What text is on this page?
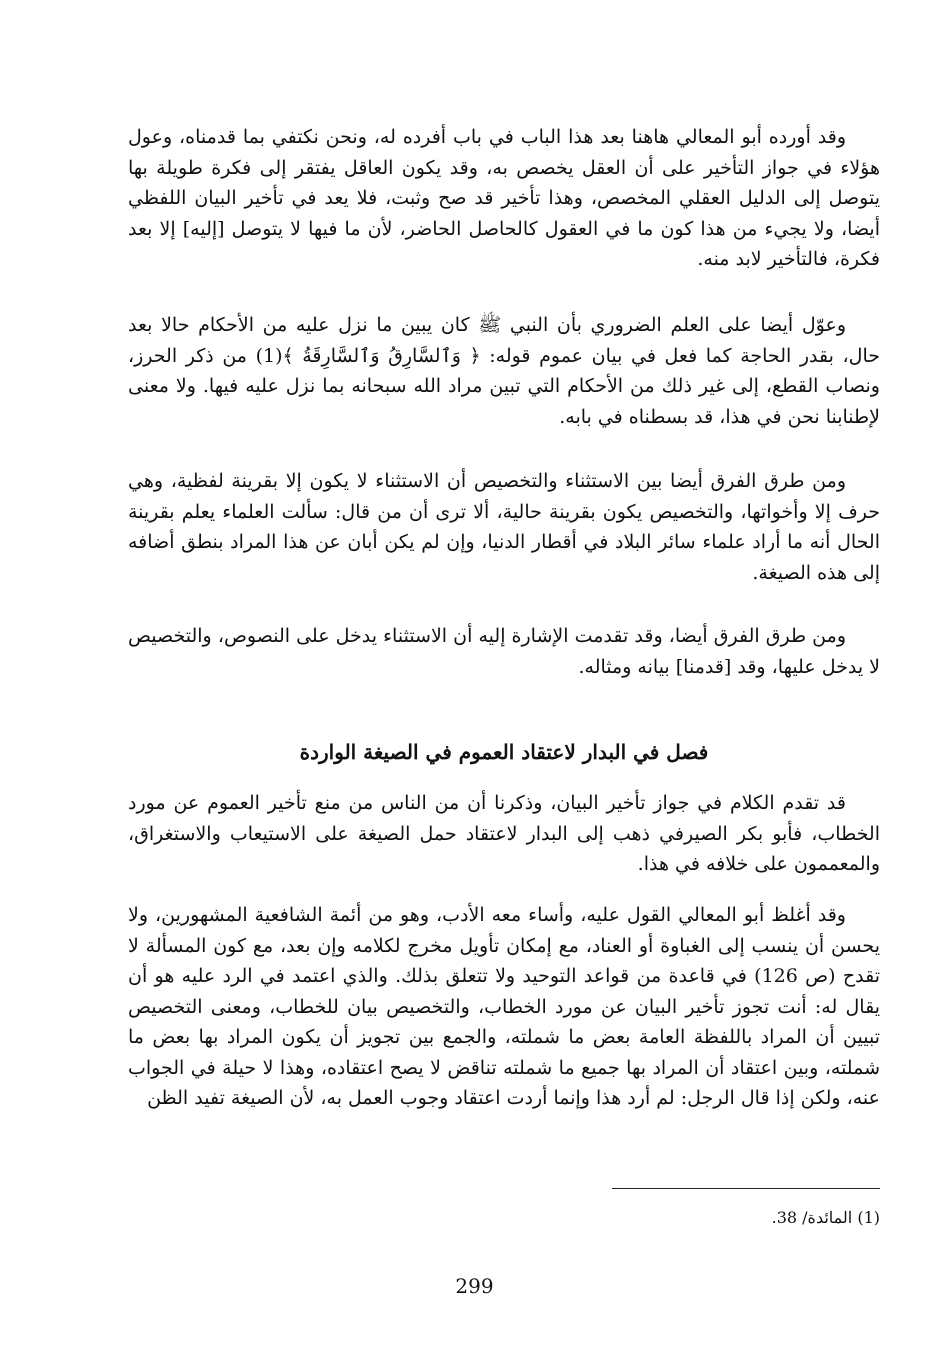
وقد أورده أبو المعالي هاهنا بعد هذا الباب في باب أفرده له، ونحن نكتفي بما قدمناه، وعول هؤلاء في جواز التأخير على أن العقل يخصص به، وقد يكون العاقل يفتقر إلى فكرة طويلة بها يتوصل إلى الدليل العقلي المخصص، وهذا تأخير قد صح وثبت، فلا يعد في تأخير البيان اللفظي أيضا، ولا يجيء من هذا كون ما في العقول كالحاصل الحاضر، لأن ما فيها لا يتوصل [إليه] إلا بعد فكرة، فالتأخير لابد منه.

وعوّل أيضا على العلم الضروري بأن النبي ﷺ كان يبين ما نزل عليه من الأحكام حالا بعد حال، بقدر الحاجة كما فعل في بيان عموم قوله: ﴿ وَٱلسَّارِقُ وَٱلسَّارِقَةُ ﴾(1) من ذكر الحرز، ونصاب القطع، إلى غير ذلك من الأحكام التي تبين مراد الله سبحانه بما نزل عليه فيها. ولا معنى لإطنابنا نحن في هذا، قد بسطناه في بابه.

ومن طرق الفرق أيضا بين الاستثناء والتخصيص أن الاستثناء لا يكون إلا بقرينة لفظية، وهي حرف إلا وأخواتها، والتخصيص يكون بقرينة حالية، ألا ترى أن من قال: سألت العلماء يعلم بقرينة الحال أنه ما أراد علماء سائر البلاد في أقطار الدنيا، وإن لم يكن أبان عن هذا المراد بنطق أضافه إلى هذه الصيغة.

ومن طرق الفرق أيضا، وقد تقدمت الإشارة إليه أن الاستثناء يدخل على النصوص، والتخصيص لا يدخل عليها، وقد [قدمنا] بيانه ومثاله.

فصل في البدار لاعتقاد العموم في الصيغة الواردة

قد تقدم الكلام في جواز تأخير البيان، وذكرنا أن من الناس من منع تأخير العموم عن مورد الخطاب، فأبو بكر الصيرفي ذهب إلى البدار لاعتقاد حمل الصيغة على الاستيعاب والاستغراق، والمعممون على خلافه في هذا.

وقد أغلظ أبو المعالي القول عليه، وأساء معه الأدب، وهو من أئمة الشافعية المشهورين، ولا يحسن أن ينسب إلى الغباوة أو العناد، مع إمكان تأويل مخرج لكلامه وإن بعد، مع كون المسألة لا تقدح (ص 126) في قاعدة من قواعد التوحيد ولا تتعلق بذلك. والذي اعتمد في الرد عليه هو أن يقال له: أنت تجوز تأخير البيان عن مورد الخطاب، والتخصيص بيان للخطاب، ومعنى التخصيص تبيين أن المراد باللفظة العامة بعض ما شملته، والجمع بين تجويز أن يكون المراد بها بعض ما شملته، وبين اعتقاد أن المراد بها جميع ما شملته تناقض لا يصح اعتقاده، وهذا لا حيلة في الجواب عنه، ولكن إذا قال الرجل: لم أرد هذا وإنما أردت اعتقاد وجوب العمل به، لأن الصيغة تفيد الظن

(1) المائدة/ 38.
299
